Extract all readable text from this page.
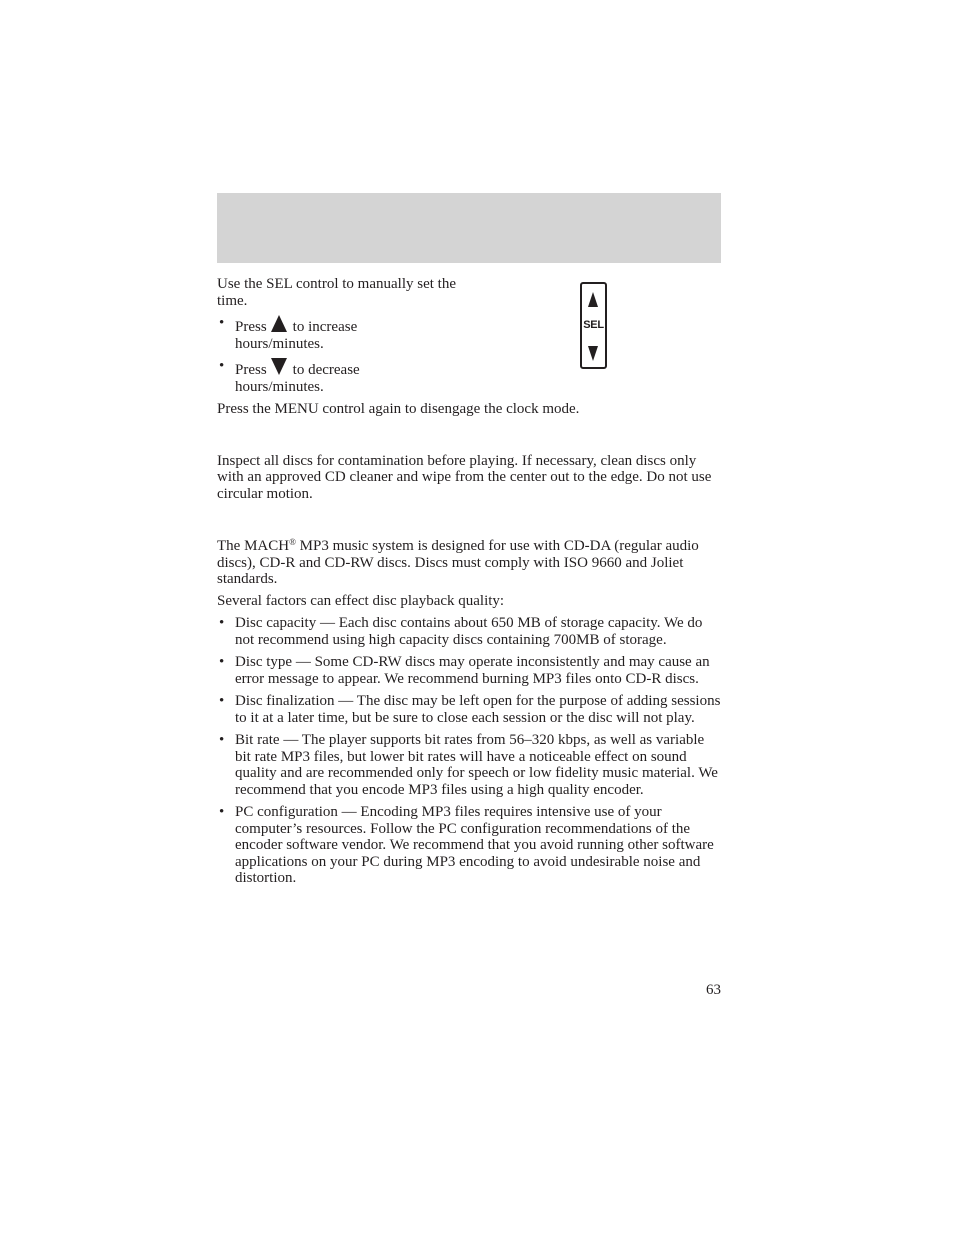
SEL

Use the SEL control to manually set the time.

• Press to increase hours/minutes.
• Press to decrease hours/minutes.

Press the MENU control again to disengage the clock mode.

Inspect all discs for contamination before playing. If necessary, clean discs only with an approved CD cleaner and wipe from the center out to the edge. Do not use circular motion.

The MACH® MP3 music system is designed for use with CD-DA (regular audio discs), CD-R and CD-RW discs. Discs must comply with ISO 9660 and Joliet standards.

Several factors can effect disc playback quality:

• Disc capacity — Each disc contains about 650 MB of storage capacity. We do not recommend using high capacity discs containing 700MB of storage.
• Disc type — Some CD-RW discs may operate inconsistently and may cause an error message to appear. We recommend burning MP3 files onto CD-R discs.
• Disc finalization — The disc may be left open for the purpose of adding sessions to it at a later time, but be sure to close each session or the disc will not play.
• Bit rate — The player supports bit rates from 56–320 kbps, as well as variable bit rate MP3 files, but lower bit rates will have a noticeable effect on sound quality and are recommended only for speech or low fidelity music material. We recommend that you encode MP3 files using a high quality encoder.
• PC configuration — Encoding MP3 files requires intensive use of your computer’s resources. Follow the PC configuration recommendations of the encoder software vendor. We recommend that you avoid running other software applications on your PC during MP3 encoding to avoid undesirable noise and distortion.
63
